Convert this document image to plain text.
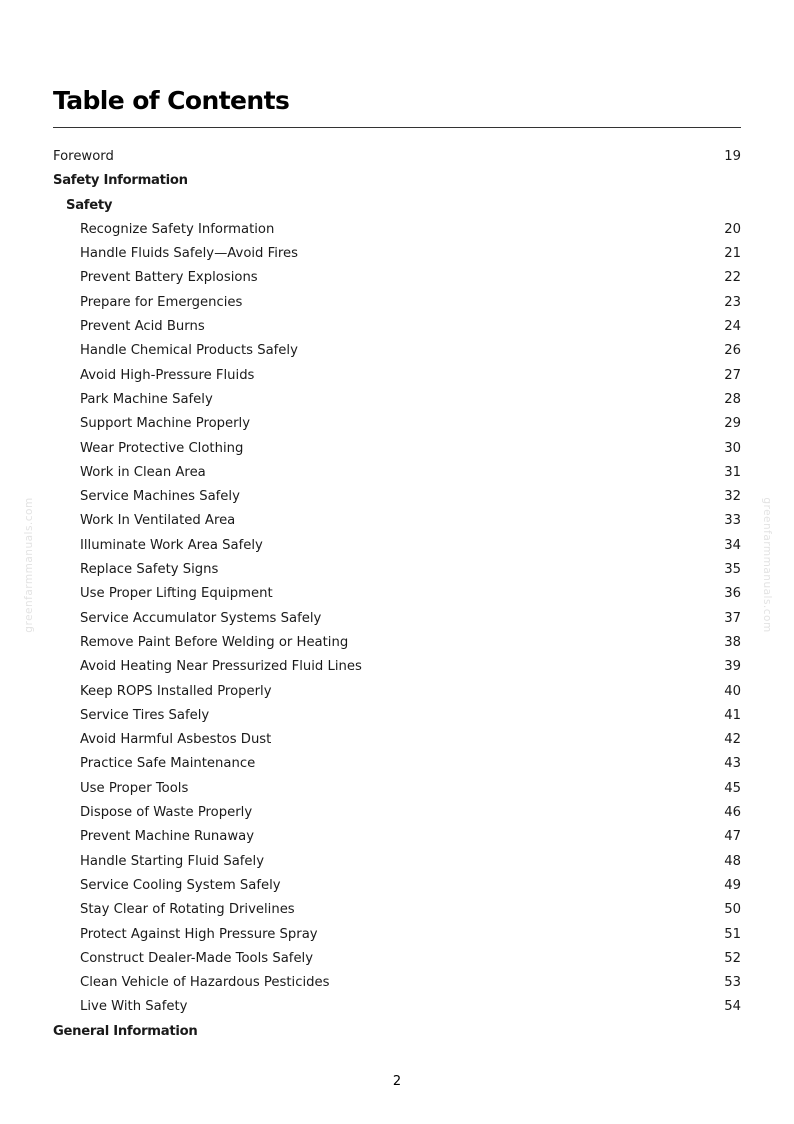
Table of Contents
Foreword	19
Safety Information
Safety
Recognize Safety Information	20
Handle Fluids Safely—Avoid Fires	21
Prevent Battery Explosions	22
Prepare for Emergencies	23
Prevent Acid Burns	24
Handle Chemical Products Safely	26
Avoid High-Pressure Fluids	27
Park Machine Safely	28
Support Machine Properly	29
Wear Protective Clothing	30
Work in Clean Area	31
Service Machines Safely	32
Work In Ventilated Area	33
Illuminate Work Area Safely	34
Replace Safety Signs	35
Use Proper Lifting Equipment	36
Service Accumulator Systems Safely	37
Remove Paint Before Welding or Heating	38
Avoid Heating Near Pressurized Fluid Lines	39
Keep ROPS Installed Properly	40
Service Tires Safely	41
Avoid Harmful Asbestos Dust	42
Practice Safe Maintenance	43
Use Proper Tools	45
Dispose of Waste Properly	46
Prevent Machine Runaway	47
Handle Starting Fluid Safely	48
Service Cooling System Safely	49
Stay Clear of Rotating Drivelines	50
Protect Against High Pressure Spray	51
Construct Dealer-Made Tools Safely	52
Clean Vehicle of Hazardous Pesticides	53
Live With Safety	54
General Information
greenfarmmanuals.com	greenfarmmanuals.com
2
